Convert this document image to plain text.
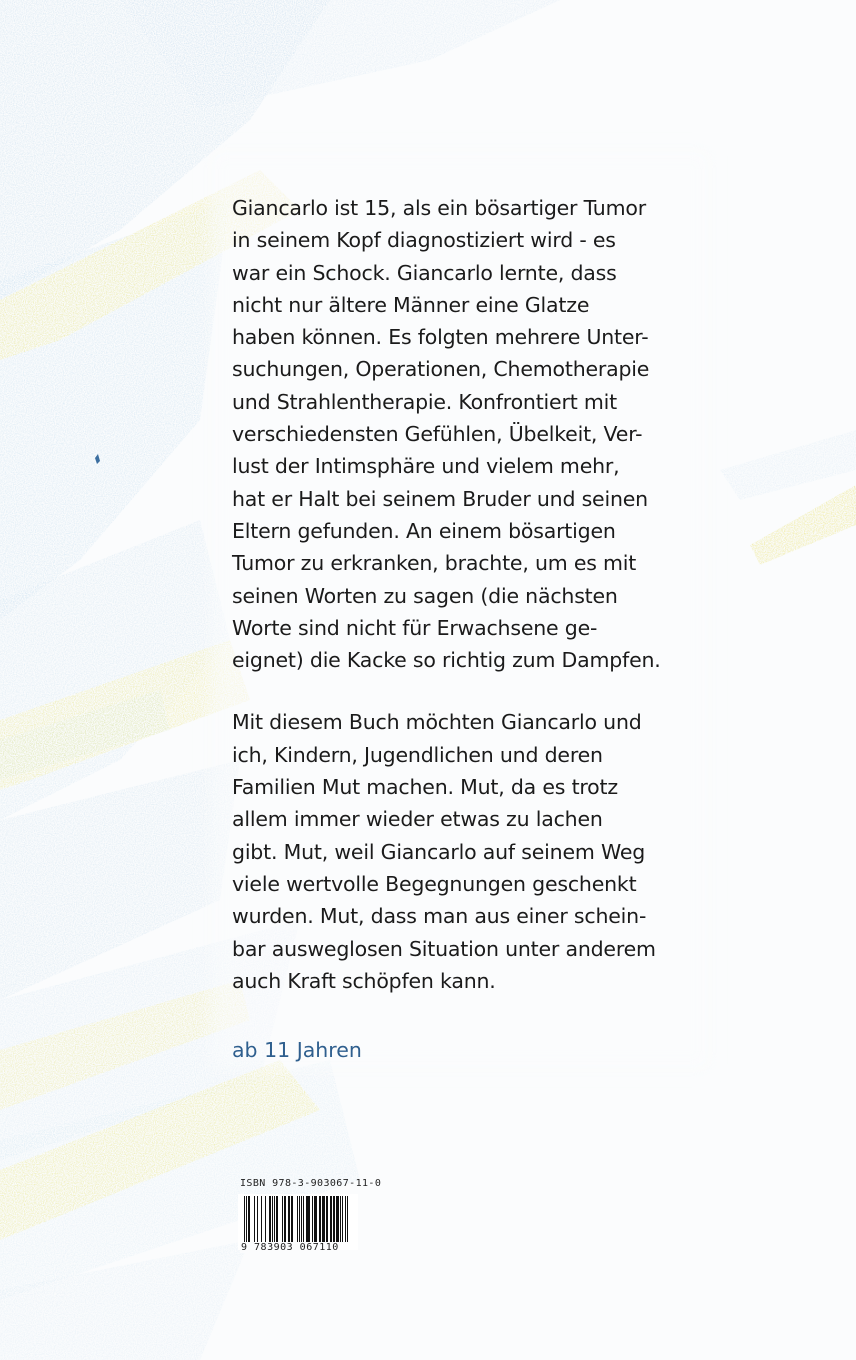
Giancarlo ist 15, als ein bösartiger Tumor
in seinem Kopf diagnostiziert wird - es
war ein Schock. Giancarlo lernte, dass
nicht nur ältere Männer eine Glatze
haben können. Es folgten mehrere Unter-
suchungen, Operationen, Chemotherapie
und Strahlentherapie. Konfrontiert mit
verschiedensten Gefühlen, Übelkeit, Ver-
lust der Intimsphäre und vielem mehr,
hat er Halt bei seinem Bruder und seinen
Eltern gefunden. An einem bösartigen
Tumor zu erkranken, brachte, um es mit
seinen Worten zu sagen (die nächsten
Worte sind nicht für Erwachsene ge-
eignet) die Kacke so richtig zum Dampfen.
Mit diesem Buch möchten Giancarlo und
ich, Kindern, Jugendlichen und deren
Familien Mut machen. Mut, da es trotz
allem immer wieder etwas zu lachen
gibt. Mut, weil Giancarlo auf seinem Weg
viele wertvolle Begegnungen geschenkt
wurden. Mut, dass man aus einer schein-
bar ausweglosen Situation unter anderem
auch Kraft schöpfen kann.
ab 11 Jahren
ISBN 978-3-903067-11-0
9 783903 067110
